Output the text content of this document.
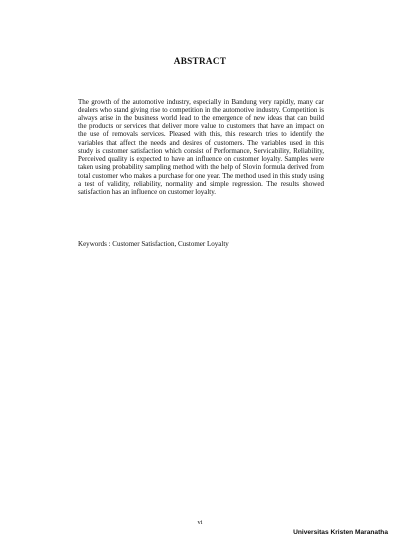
ABSTRACT

The growth of the automotive industry, especially in Bandung very rapidly, many car dealers who stand giving rise to competition in the automotive industry. Competition is always arise in the business world lead to the emergence of new ideas that can build the products or services that deliver more value to customers that have an impact on the use of removals services. Pleased with this, this research tries to identify the variables that affect the needs and desires of customers. The variables used in this study is customer satisfaction which consist of Performance, Servicability, Reliability, Perceived quality is expected to have an influence on customer loyalty. Samples were taken using probability sampling method with the help of Slovin formula derived from total customer who makes a purchase for one year. The method used in this study using a test of validity, reliability, normality and simple regression. The results showed satisfaction has an influence on customer loyalty.

Keywords : Customer Satisfaction, Customer Loyalty

vi

Universitas Kristen Maranatha
